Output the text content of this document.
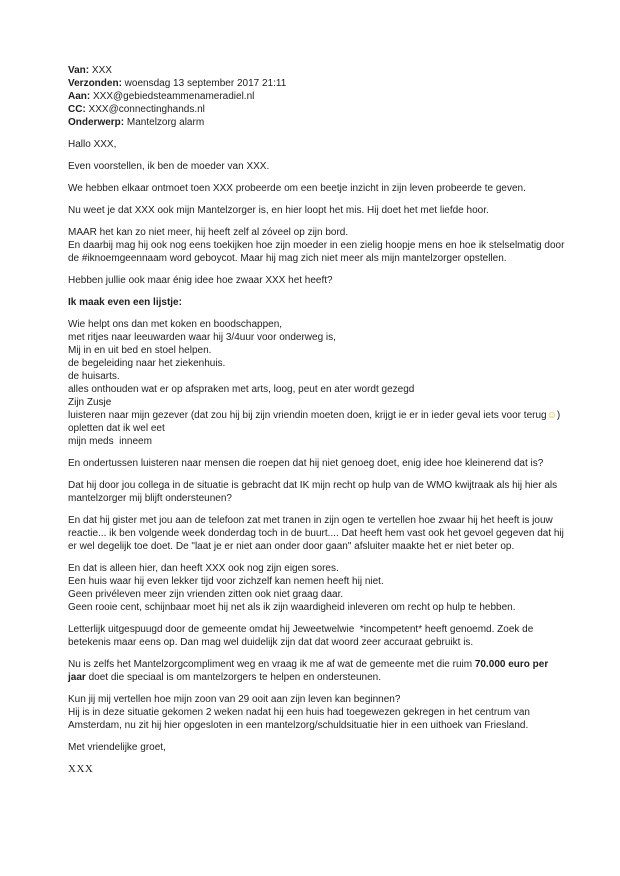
Van: XXX
Verzonden: woensdag 13 september 2017 21:11
Aan: XXX@gebiedsteammenameradiel.nl
CC: XXX@connectinghands.nl
Onderwerp: Mantelzorg alarm
Hallo XXX,
Even voorstellen, ik ben de moeder van XXX.
We hebben elkaar ontmoet toen XXX probeerde om een beetje inzicht in zijn leven probeerde te geven.
Nu weet je dat XXX ook mijn Mantelzorger is, en hier loopt het mis. Hij doet het met liefde hoor.
MAAR het kan zo niet meer, hij heeft zelf al zóveel op zijn bord.
En daarbij mag hij ook nog eens toekijken hoe zijn moeder in een zielig hoopje mens en hoe ik stelselmatig door de #iknoemgeennaam word geboycot. Maar hij mag zich niet meer als mijn mantelzorger opstellen.
Hebben jullie ook maar énig idee hoe zwaar XXX het heeft?
Ik maak even een lijstje:
Wie helpt ons dan met koken en boodschappen,
met ritjes naar leeuwarden waar hij 3/4uur voor onderweg is,
Mij in en uit bed en stoel helpen.
de begeleiding naar het ziekenhuis.
de huisarts.
alles onthouden wat er op afspraken met arts, loog, peut en ater wordt gezegd
Zijn Zusje
luisteren naar mijn gezever (dat zou hij bij zijn vriendin moeten doen, krijgt ie er in ieder geval iets voor terug☺)
opletten dat ik wel eet
mijn meds  inneem
En ondertussen luisteren naar mensen die roepen dat hij niet genoeg doet, enig idee hoe kleinerend dat is?
Dat hij door jou collega in de situatie is gebracht dat IK mijn recht op hulp van de WMO kwijtraak als hij hier als mantelzorger mij blijft ondersteunen?
En dat hij gister met jou aan de telefoon zat met tranen in zijn ogen te vertellen hoe zwaar hij het heeft is jouw reactie... ik ben volgende week donderdag toch in de buurt.... Dat heeft hem vast ook het gevoel gegeven dat hij er wel degelijk toe doet. De "laat je er niet aan onder door gaan" afsluiter maakte het er niet beter op.
En dat is alleen hier, dan heeft XXX ook nog zijn eigen sores.
Een huis waar hij even lekker tijd voor zichzelf kan nemen heeft hij niet.
Geen privéleven meer zijn vrienden zitten ook niet graag daar.
Geen rooie cent, schijnbaar moet hij net als ik zijn waardigheid inleveren om recht op hulp te hebben.
Letterlijk uitgespuugd door de gemeente omdat hij Jeweetwelwie  *incompetent* heeft genoemd. Zoek de betekenis maar eens op. Dan mag wel duidelijk zijn dat dat woord zeer accuraat gebruikt is.
Nu is zelfs het Mantelzorgcompliment weg en vraag ik me af wat de gemeente met die ruim 70.000 euro per jaar doet die speciaal is om mantelzorgers te helpen en ondersteunen.
Kun jij mij vertellen hoe mijn zoon van 29 ooit aan zijn leven kan beginnen?
Hij is in deze situatie gekomen 2 weken nadat hij een huis had toegewezen gekregen in het centrum van Amsterdam, nu zit hij hier opgesloten in een mantelzorg/schuldsituatie hier in een uithoek van Friesland.
Met vriendelijke groet,
XXX
